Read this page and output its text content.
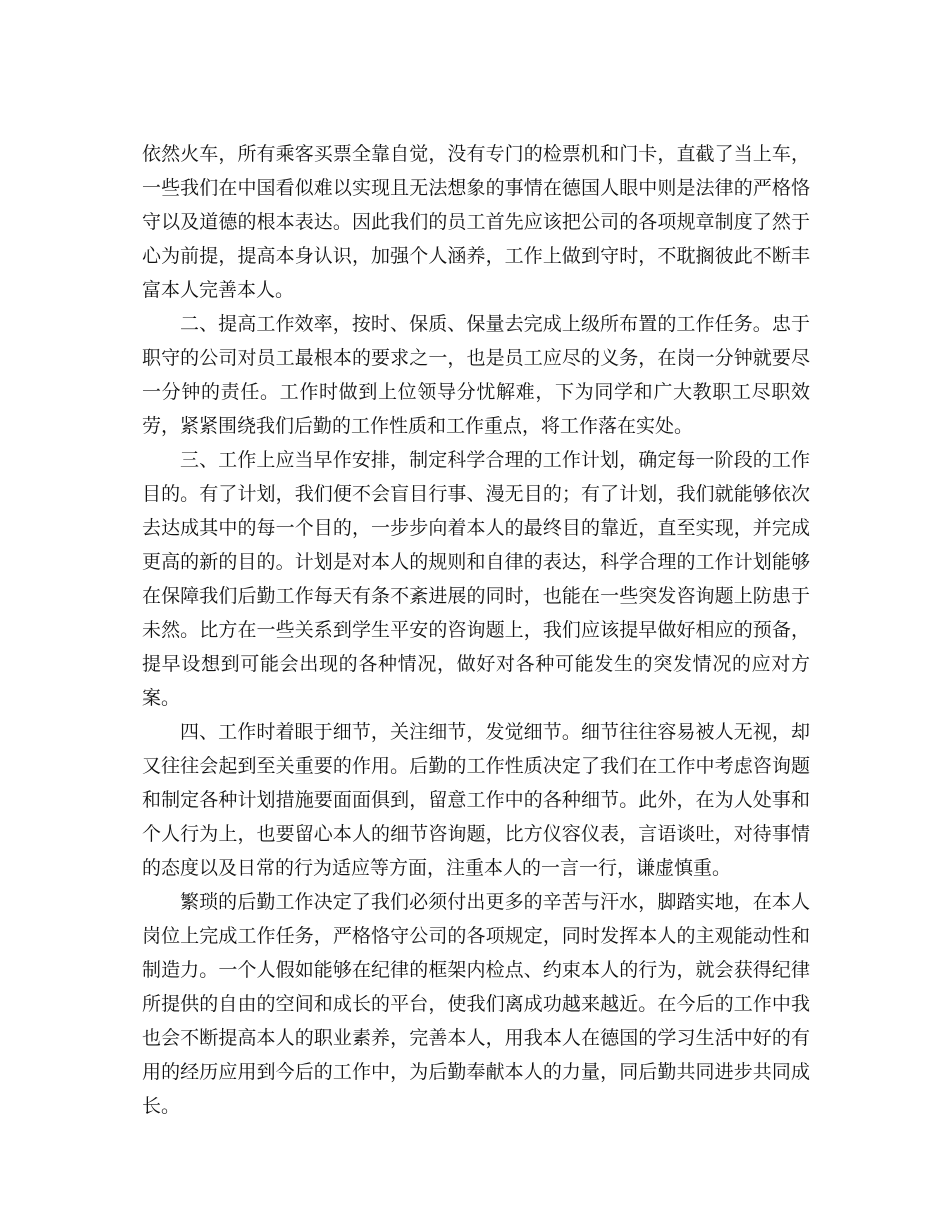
依然火车，所有乘客买票全靠自觉，没有专门的检票机和门卡，直截了当上车，一些我们在中国看似难以实现且无法想象的事情在德国人眼中则是法律的严格恪守以及道德的根本表达。因此我们的员工首先应该把公司的各项规章制度了然于心为前提，提高本身认识，加强个人涵养，工作上做到守时，不耽搁彼此不断丰富本人完善本人。

二、提高工作效率，按时、保质、保量去完成上级所布置的工作任务。忠于职守的公司对员工最根本的要求之一，也是员工应尽的义务，在岗一分钟就要尽一分钟的责任。工作时做到上位领导分忧解难，下为同学和广大教职工尽职效劳，紧紧围绕我们后勤的工作性质和工作重点，将工作落在实处。

三、工作上应当早作安排，制定科学合理的工作计划，确定每一阶段的工作目的。有了计划，我们便不会盲目行事、漫无目的；有了计划，我们就能够依次去达成其中的每一个目的，一步步向着本人的最终目的靠近，直至实现，并完成更高的新的目的。计划是对本人的规则和自律的表达，科学合理的工作计划能够在保障我们后勤工作每天有条不紊进展的同时，也能在一些突发咨询题上防患于未然。比方在一些关系到学生平安的咨询题上，我们应该提早做好相应的预备，提早设想到可能会出现的各种情况，做好对各种可能发生的突发情况的应对方案。

四、工作时着眼于细节，关注细节，发觉细节。细节往往容易被人无视，却又往往会起到至关重要的作用。后勤的工作性质决定了我们在工作中考虑咨询题和制定各种计划措施要面面俱到，留意工作中的各种细节。此外，在为人处事和个人行为上，也要留心本人的细节咨询题，比方仪容仪表，言语谈吐，对待事情的态度以及日常的行为适应等方面，注重本人的一言一行，谦虚慎重。

繁琐的后勤工作决定了我们必须付出更多的辛苦与汗水，脚踏实地，在本人岗位上完成工作任务，严格恪守公司的各项规定，同时发挥本人的主观能动性和制造力。一个人假如能够在纪律的框架内检点、约束本人的行为，就会获得纪律所提供的自由的空间和成长的平台，使我们离成功越来越近。在今后的工作中我也会不断提高本人的职业素养，完善本人，用我本人在德国的学习生活中好的有用的经历应用到今后的工作中，为后勤奉献本人的力量，同后勤共同进步共同成长。
